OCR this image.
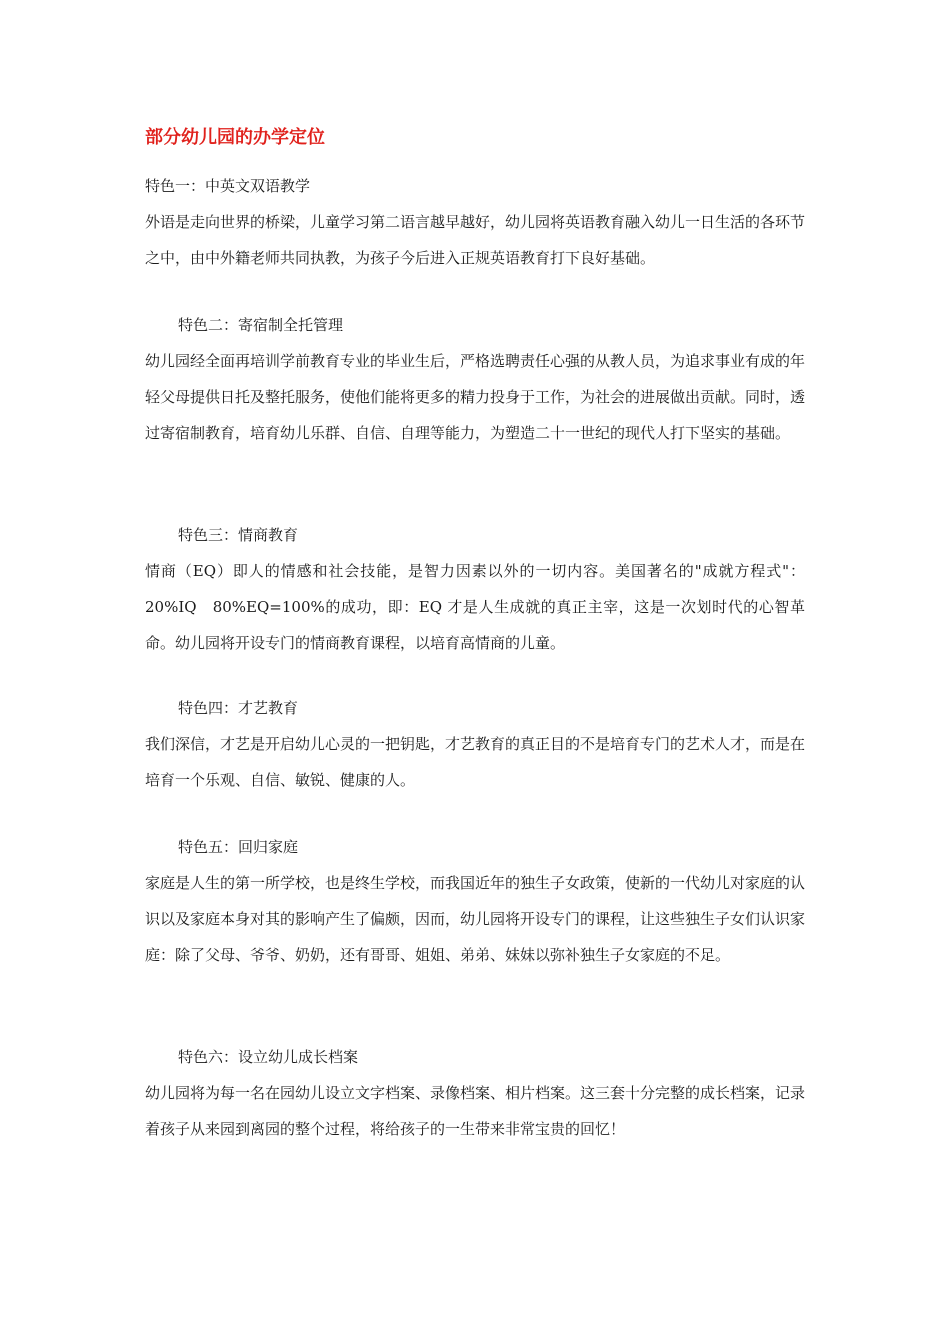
部分幼儿园的办学定位

特色一：中英文双语教学

外语是走向世界的桥梁，儿童学习第二语言越早越好，幼儿园将英语教育融入幼儿一日生活的各环节之中，由中外籍老师共同执教，为孩子今后进入正规英语教育打下良好基础。

特色二：寄宿制全托管理

幼儿园经全面再培训学前教育专业的毕业生后，严格选聘责任心强的从教人员，为追求事业有成的年轻父母提供日托及整托服务，使他们能将更多的精力投身于工作，为社会的进展做出贡献。同时，透过寄宿制教育，培育幼儿乐群、自信、自理等能力，为塑造二十一世纪的现代人打下坚实的基础。

特色三：情商教育

情商（EQ）即人的情感和社会技能，是智力因素以外的一切内容。美国著名的"成就方程式"：20%IQ　80%EQ=100%的成功，即：EQ 才是人生成就的真正主宰，这是一次划时代的心智革命。幼儿园将开设专门的情商教育课程，以培育高情商的儿童。

特色四：才艺教育

我们深信，才艺是开启幼儿心灵的一把钥匙，才艺教育的真正目的不是培育专门的艺术人才，而是在培育一个乐观、自信、敏锐、健康的人。

特色五：回归家庭

家庭是人生的第一所学校，也是终生学校，而我国近年的独生子女政策，使新的一代幼儿对家庭的认识以及家庭本身对其的影响产生了偏颇，因而，幼儿园将开设专门的课程，让这些独生子女们认识家庭：除了父母、爷爷、奶奶，还有哥哥、姐姐、弟弟、妹妹以弥补独生子女家庭的不足。

特色六：设立幼儿成长档案

幼儿园将为每一名在园幼儿设立文字档案、录像档案、相片档案。这三套十分完整的成长档案，记录着孩子从来园到离园的整个过程，将给孩子的一生带来非常宝贵的回忆！
